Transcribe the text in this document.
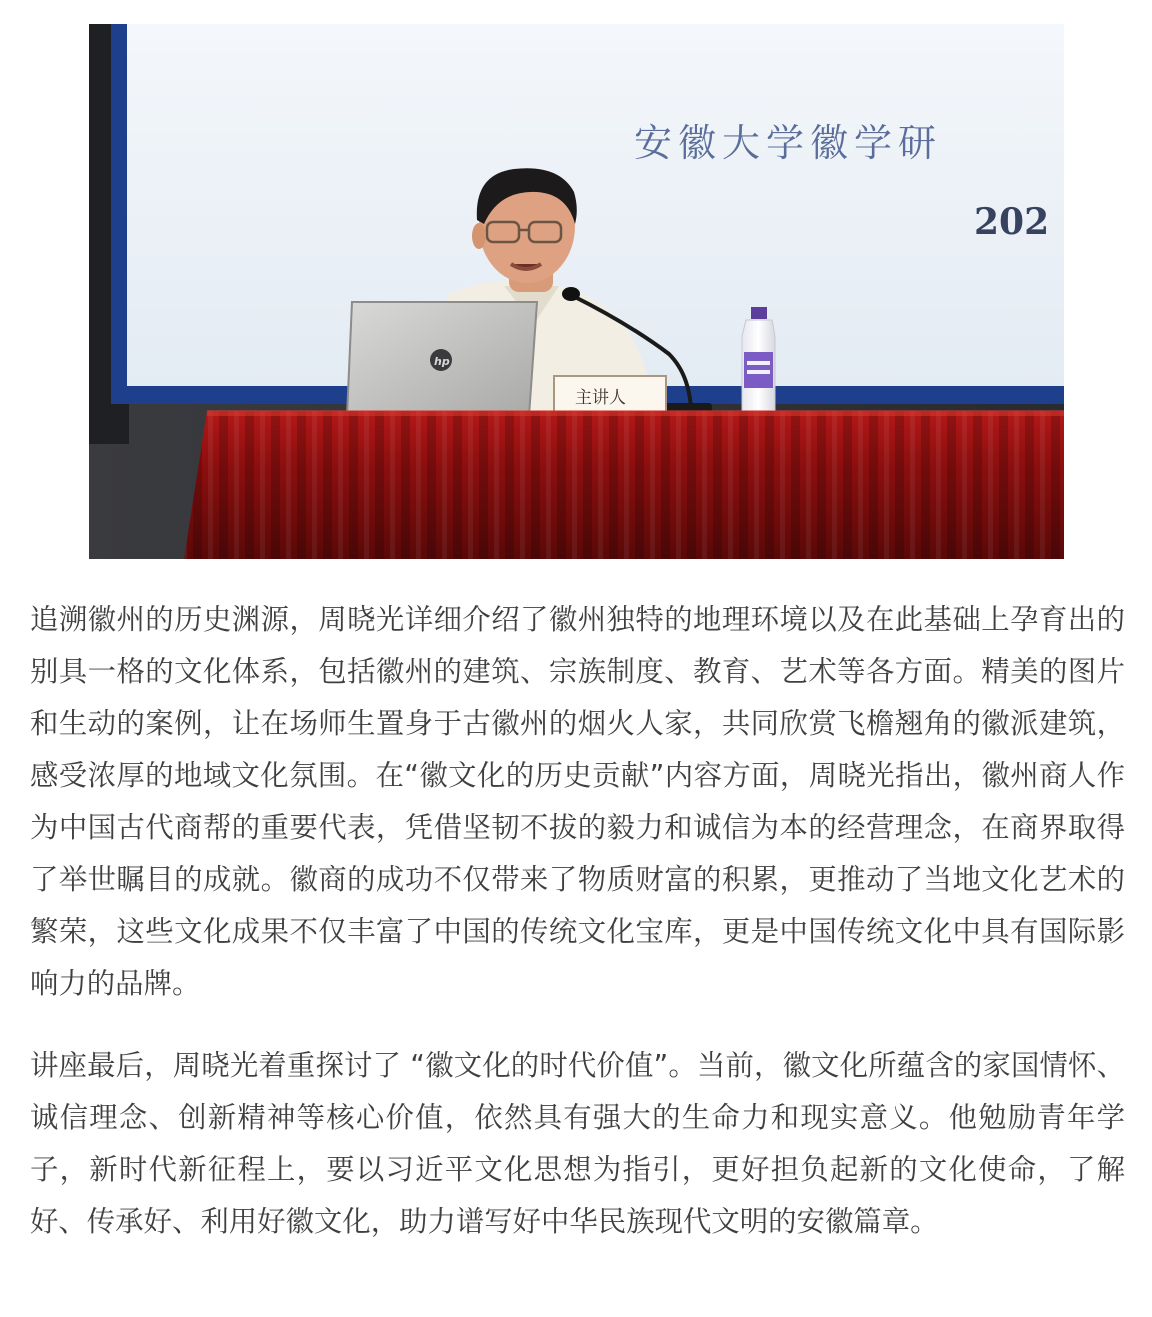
安徽大学徽学研
202
hp
主讲人

追溯徽州的历史渊源，周晓光详细介绍了徽州独特的地理环境以及在此基础上孕育出的别具一格的文化体系，包括徽州的建筑、宗族制度、教育、艺术等各方面。精美的图片和生动的案例，让在场师生置身于古徽州的烟火人家，共同欣赏飞檐翘角的徽派建筑，感受浓厚的地域文化氛围。在“徽文化的历史贡献”内容方面，周晓光指出，徽州商人作为中国古代商帮的重要代表，凭借坚韧不拔的毅力和诚信为本的经营理念，在商界取得了举世瞩目的成就。徽商的成功不仅带来了物质财富的积累，更推动了当地文化艺术的繁荣，这些文化成果不仅丰富了中国的传统文化宝库，更是中国传统文化中具有国际影响力的品牌。

讲座最后，周晓光着重探讨了 “徽文化的时代价值”。当前，徽文化所蕴含的家国情怀、诚信理念、创新精神等核心价值，依然具有强大的生命力和现实意义。他勉励青年学子，新时代新征程上，要以习近平文化思想为指引，更好担负起新的文化使命，了解好、传承好、利用好徽文化，助力谱写好中华民族现代文明的安徽篇章。
